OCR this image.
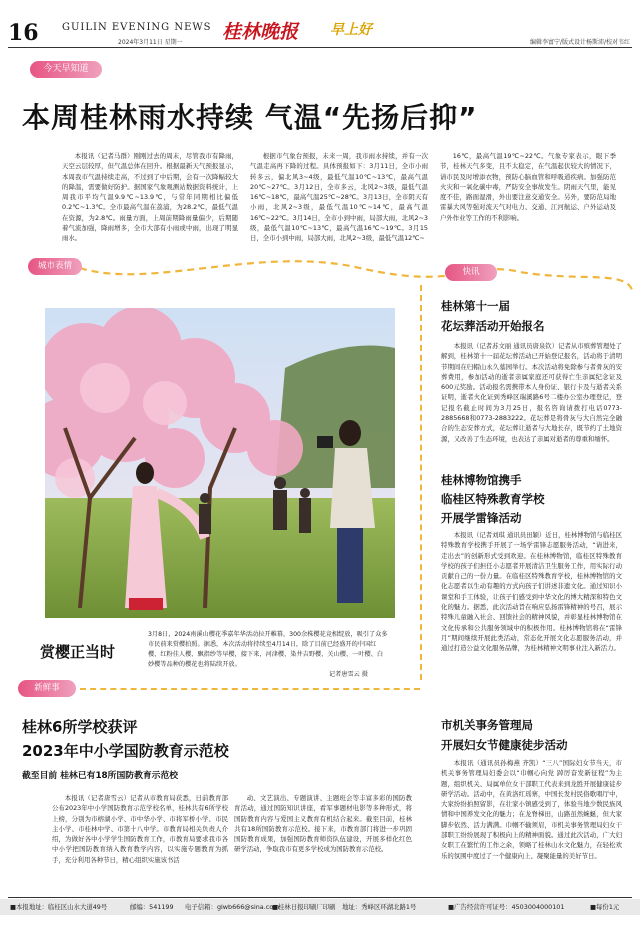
16 GUILIN EVENING NEWS
2024年3月11日 星期一 桂林晚报 早上好
编辑李富宁/版式设计杨斯沛/校对韦红
今天早知道
本周桂林雨水持续 气温“先扬后抑”

本报讯（记者马群）刚刚过去的周末，尽管我市有降雨，天空云层较厚，但气温总体在回升。根据最新天气预报显示，本周我市气温持续走高，不过到了中后期，会有一次降幅较大的降温，需要做好防护。据国家气象观测站数据资料统计，上周我市平均气温9.9℃~13.9℃，与常年同期相比偏低0.2℃~1.3℃。全市最高气温在荔浦，为28.2℃，最低气温在资源，为2.8℃。雨量方面，上周前期降雨量偏少，后期随着气流加强，降雨增多，全市大部有小雨或中雨，出现了明显雨水。

根据市气象台预报，未来一周，我市雨水持续，并有一次气温走高再下降的过程。具体预报如下：3月11日，全市小雨转多云，偏北风3~4级，最低气温10℃~13℃，最高气温20℃~27℃。3月12日，全市多云，北风2~3级，最低气温16℃~18℃，最高气温25℃~28℃。3月13日，全市阴天有小雨，北风2~3级，最低气温10℃~14℃，最高气温16℃~22℃。3月14日，全市小到中雨，局部大雨，北风2~3级，最低气温10℃~13℃，最高气温16℃~19℃。3月15日，全市小到中雨，局部大雨，北风2~3级，最低气温12℃~

16℃，最高气温19℃~22℃。气象专家表示，眼下季节，桂林天气多变，且不太稳定，在气温起伏较大的情况下，请市民及时增添衣物，预防心脑血管和呼吸道疾病。加强防范火灾和一氧化碳中毒，严防安全事故发生。阴雨天气里，能见度不佳，路面湿滑，外出要注意交通安全。另外，要防范局地雷暴大风等强对流天气对电力、交通、江河航运、户外运动及户外作业等工作的不利影响。

城市表情
快讯
新鲜事
赏樱正当时
3月8日，2024南溪山樱花季嘉年华活动拉开帷幕，300余株樱花竞相绽放，吸引了众多市民前来赏樱拍照。据悉，本次活动将持续至4月14日，除了目前已经盛开的中国红樱、红粉佳人樱、飘指纱等早樱，接下来，河津樱、染井吉野樱、关山樱、一叶樱、白妙樱等品种的樱花也将陆续开放。
记者唐雪云 摄
桂林6所学校获评
2023年中小学国防教育示范校
截至目前 桂林已有18所国防教育示范校

本报讯（记者唐雪云）记者从市教育局获悉，日前教育部公布2023年中小学国防教育示范学校名单，桂林共有6所学校上榜，分别为市榕湖小学、市中华小学、市将军桥小学、市民主小学、市桂林中学、市第十八中学。市教育局相关负责人介绍，为做好各中小学学生国防教育工作，市教育局要求我市各中小学把国防教育纳入教育教学内容，以实施专题教育为抓手，充分利用各种节日，精心组织实施该书活

动、文艺演出、专题演讲、主题班会等丰富多彩的国防教育活动，通过国防知识讲座，看军事题材电影等多种形式，将国防教育内容与爱国主义教育有机结合起来。截至目前，桂林共有18所国防教育示范校。接下来，市教育部门将进一步巩固国防教育成果，加强国防教育师资队伍建设，开展多样化红色研学活动，争取我市有更多学校成为国防教育示范校。

桂林第十一届
花坛葬活动开始报名

本报讯（记者苏文丽 通讯员唐泉钦）记者从市殡葬管理处了解到，桂林第十一届花坛葬活动已开始登记报名，活动将于清明节期间在归帽山永久墓园举行。本次活动将免除参与者骨灰的安葬费用，参加活动的逝者亲属家庭还可获得亡生亲属纪念证及600元奖励。活动报名需携带本人身份证、银行卡及与逝者关系证明，逝者火化证到秀峰区瑞溪路6号二楼办公室办理登记，登记报名截止时间为3月25日，报名咨询请拨打电话0773-2885668和0773-2883222。花坛葬是将骨灰与大自然完全融合的生态安葬方式，花坛葬让逝者与大地长存，既节约了土地资源，又改善了生态环境，也表达了亲属对逝者的尊重和缅怀。

桂林博物馆携手
临桂区特殊教育学校
开展学雷锋活动

本报讯（记者刘琪 通讯员田颖）近日，桂林博物馆与临桂区特殊教育学校携手开展了一场学雷锋志愿服务活动，“请进来，走出去”的创新形式受到欢迎。在桂林博物馆，临桂区特殊教育学校的孩子们担任小志愿者开展清洁卫生服务工作，用实际行动贡献自己的一份力量。在临桂区特殊教育学校，桂林博物馆的文化志愿者以生动有趣的方式向孩子们讲述非遗文化。通过知识小课堂和手工体验，让孩子们感受到中华文化的博大精深和特色文化的魅力。据悉，此次活动旨在响应弘扬雷锋精神的号召，展示特殊儿童融入社会、回馈社会的精神风貌，并彰显桂林博物馆在文化传承和公共服务领域中的积极作用。桂林博物馆将在“雷锋月”期间继续开展此类活动，常态化开展文化志愿服务活动，并通过打造公益文化服务品牌，为桂林精神文明事业注入新活力。

市机关事务管理局
开展妇女节健康徒步活动

本报讯（通讯员孙梅燕 齐凯）“三八”国际妇女节当天，市机关事务管理局妇委会以“巾帼心向党 踔厉奋发新征程”为主题，组织机关、局属单位女干部职工代表来到龙胜开展健康徒步研学活动。活动中，在黄洛红瑶寨，中国长发村民俗歌唱厅中，大家纷纷拍照留影，在壮家小镇感受到了，体验当地少数民族风情和中国养发文化的魅力；在龙脊梯田，山路虽然蜿蜒，但大家脚步依然、活力满满。巾帼不输须眉，市机关事务管理局妇女干部职工纷纷展现了积极向上的精神面貌。通过此次活动，广大妇女职工在繁忙的工作之余，领略了桂林山水文化魅力，在轻松欢乐的氛围中度过了一个健康向上、凝聚能量的美好节日。

■本报地址：临桂区山水大道49号	邮编：541199 电子信箱：glwb666@sina.com
■桂林日报印刷厂印刷 地址：秀峰区环湖北路1号	■广告经营许可证号：4503004000101	■每份1元
